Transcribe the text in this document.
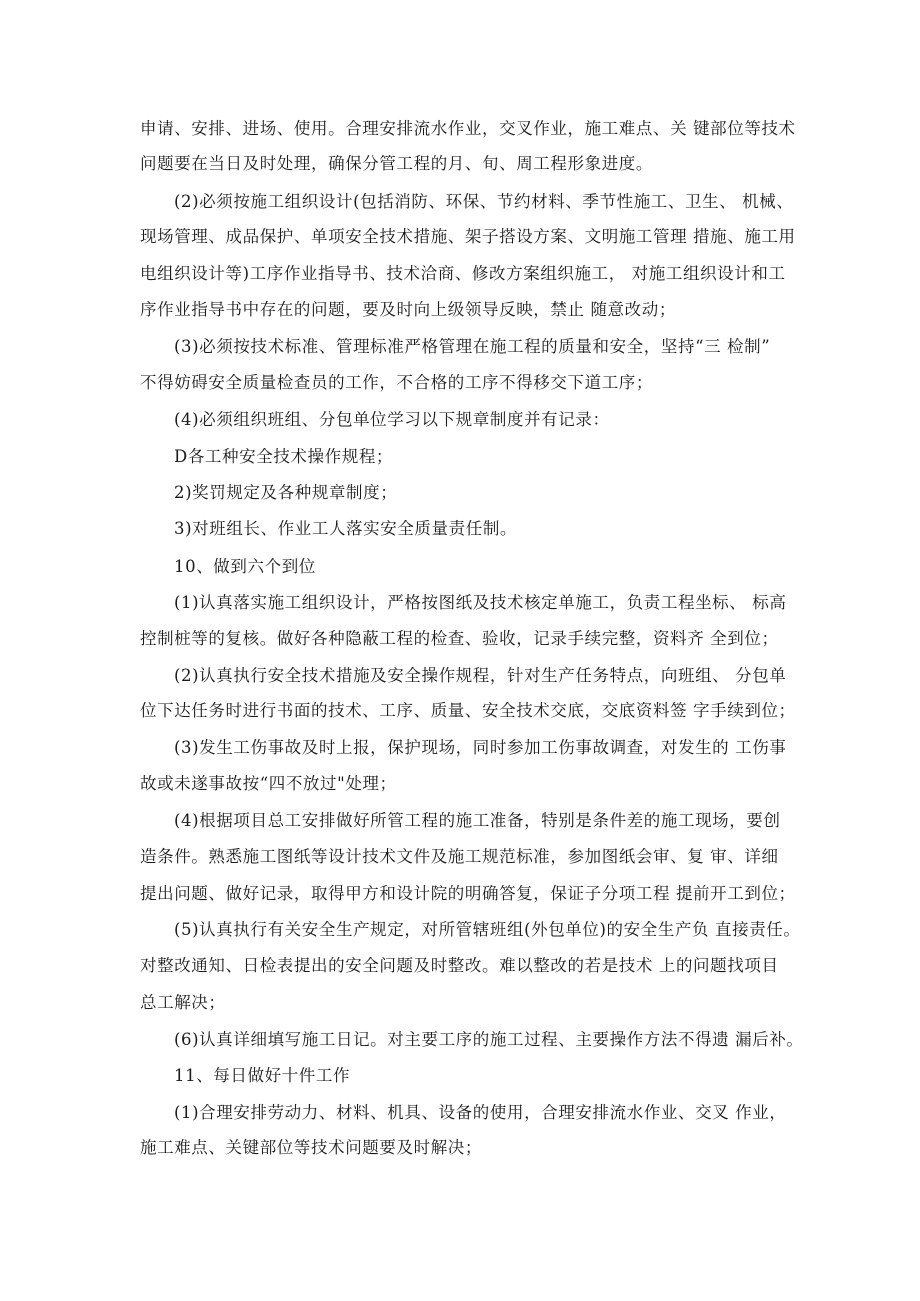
申请、安排、进场、使用。合理安排流水作业，交叉作业，施工难点、关 键部位等技术
问题要在当日及时处理，确保分管工程的月、旬、周工程形象进度。
(2)必须按施工组织设计(包括消防、环保、节约材料、季节性施工、卫生、 机械、
现场管理、成品保护、单项安全技术措施、架子搭设方案、文明施工管理 措施、施工用
电组织设计等)工序作业指导书、技术洽商、修改方案组织施工， 对施工组织设计和工
序作业指导书中存在的问题，要及时向上级领导反映，禁止 随意改动；
(3)必须按技术标准、管理标准严格管理在施工程的质量和安全，坚持“三 检制”
不得妨碍安全质量检查员的工作，不合格的工序不得移交下道工序；
(4)必须组织班组、分包单位学习以下规章制度并有记录：
D各工种安全技术操作规程；
2)奖罚规定及各种规章制度；
3)对班组长、作业工人落实安全质量责任制。
10、做到六个到位
(1)认真落实施工组织设计，严格按图纸及技术核定单施工，负责工程坐标、 标高
控制桩等的复核。做好各种隐蔽工程的检查、验收，记录手续完整，资料齐 全到位；
(2)认真执行安全技术措施及安全操作规程，针对生产任务特点，向班组、 分包单
位下达任务时进行书面的技术、工序、质量、安全技术交底，交底资料签 字手续到位；
(3)发生工伤事故及时上报，保护现场，同时参加工伤事故调查，对发生的 工伤事
故或未遂事故按“四不放过"处理；
(4)根据项目总工安排做好所管工程的施工准备，特别是条件差的施工现场，要创
造条件。熟悉施工图纸等设计技术文件及施工规范标准，参加图纸会审、复 审、详细
提出问题、做好记录，取得甲方和设计院的明确答复，保证子分项工程 提前开工到位；
(5)认真执行有关安全生产规定，对所管辖班组(外包单位)的安全生产负 直接责任。
对整改通知、日检表提出的安全问题及时整改。难以整改的若是技术 上的问题找项目
总工解决；
(6)认真详细填写施工日记。对主要工序的施工过程、主要操作方法不得遗 漏后补。
11、每日做好十件工作
(1)合理安排劳动力、材料、机具、设备的使用，合理安排流水作业、交叉 作业，
施工难点、关键部位等技术问题要及时解决；
